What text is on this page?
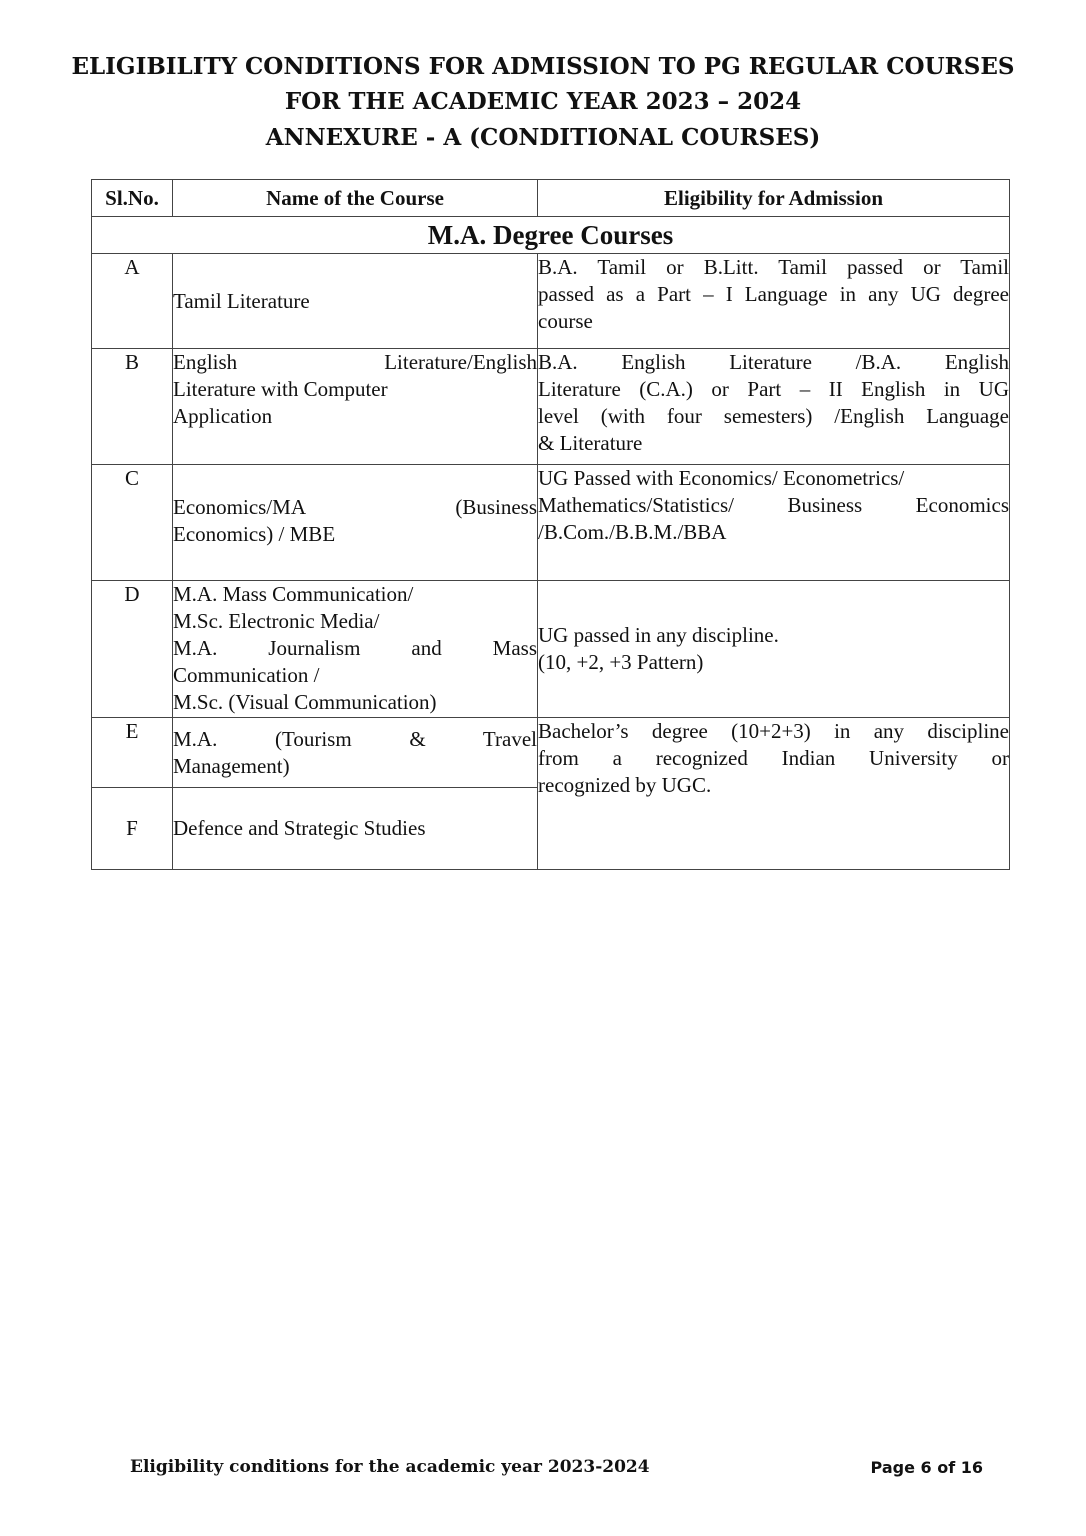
ELIGIBILITY CONDITIONS FOR ADMISSION TO PG REGULAR COURSES
FOR THE ACADEMIC YEAR 2023 – 2024
ANNEXURE - A (CONDITIONAL COURSES)
Sl.No.	Name of the Course	Eligibility for Admission
M.A. Degree Courses		
A	Tamil Literature	B.A. Tamil or B.Litt. Tamil passed or Tamil
passed as a Part – I Language in any UG degree
course

B	English Literature/English
Literature with Computer
Application	B.A. English Literature /B.A. English
Literature (C.A.) or Part – II English in UG
level (with four semesters) /English Language
& Literature

C	Economics/MA (Business
Economics) / MBE	UG Passed with Economics/ Econometrics/
Mathematics/Statistics/ Business Economics
/B.Com./B.B.M./BBA

D	M.A. Mass Communication/
M.Sc. Electronic Media/
M.A. Journalism and Mass
Communication /
M.Sc. (Visual Communication)	UG passed in any discipline.
(10, +2, +3 Pattern)

E	M.A. (Tourism & Travel
Management)	Bachelor’s degree (10+2+3) in any discipline
from a recognized Indian University or
recognized by UGC.

F	Defence and Strategic Studies	
Eligibility conditions for the academic year 2023-2024	Page 6 of 16
